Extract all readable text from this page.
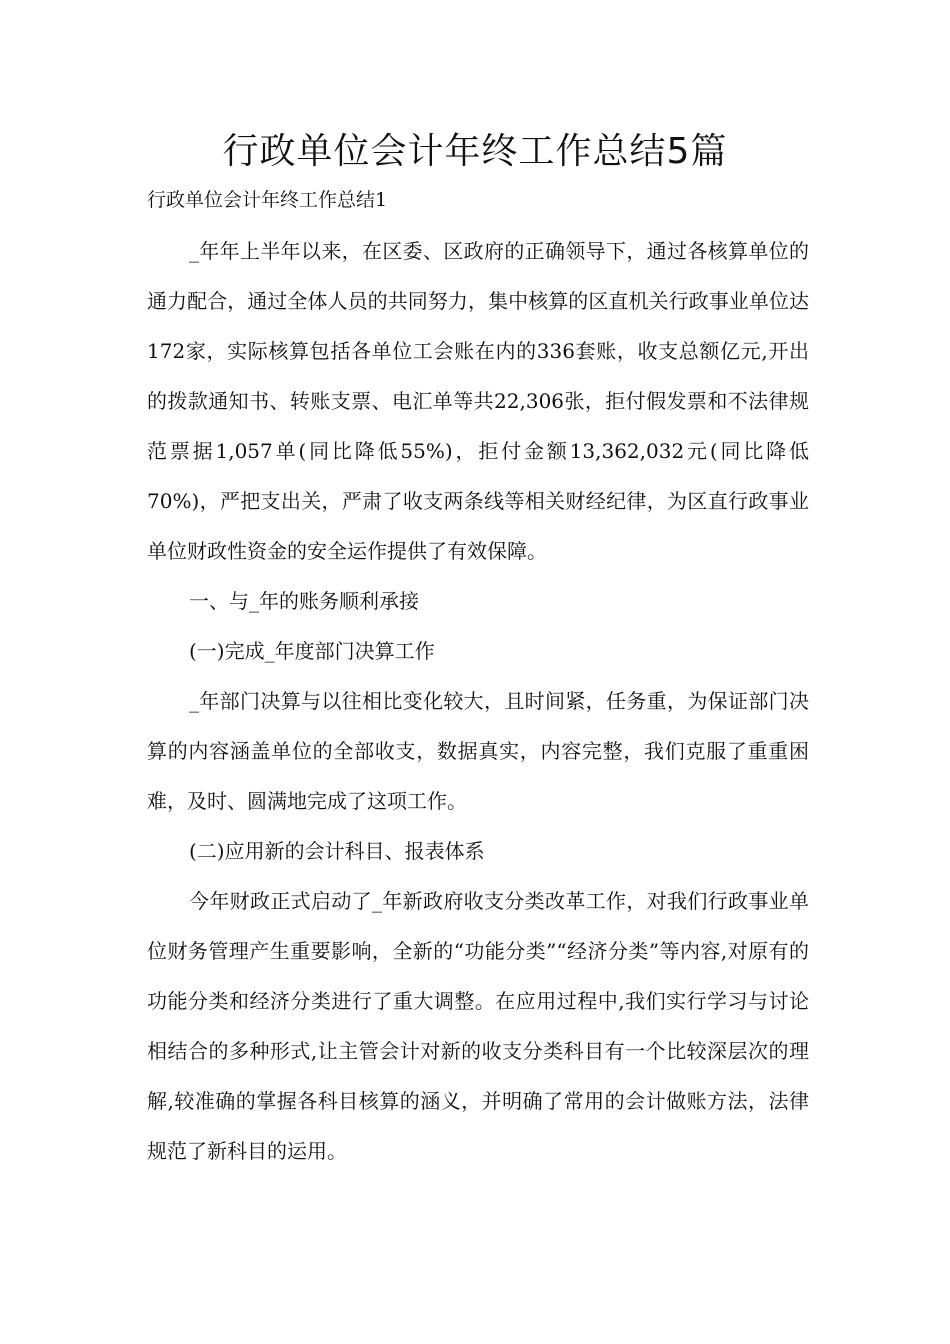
行政单位会计年终工作总结5篇
行政单位会计年终工作总结1

_年年上半年以来，在区委、区政府的正确领导下，通过各核算单位的通力配合，通过全体人员的共同努力，集中核算的区直机关行政事业单位达172家，实际核算包括各单位工会账在内的336套账，收支总额亿元,开出的拨款通知书、转账支票、电汇单等共22,306张，拒付假发票和不法律规范票据1,057单(同比降低55%)，拒付金额13,362,032元(同比降低70%)，严把支出关，严肃了收支两条线等相关财经纪律，为区直行政事业单位财政性资金的安全运作提供了有效保障。

一、与_年的账务顺利承接

(一)完成_年度部门决算工作

_年部门决算与以往相比变化较大，且时间紧，任务重，为保证部门决算的内容涵盖单位的全部收支，数据真实，内容完整，我们克服了重重困难，及时、圆满地完成了这项工作。

(二)应用新的会计科目、报表体系

今年财政正式启动了_年新政府收支分类改革工作，对我们行政事业单位财务管理产生重要影响，全新的“功能分类”“经济分类”等内容,对原有的功能分类和经济分类进行了重大调整。在应用过程中,我们实行学习与讨论相结合的多种形式,让主管会计对新的收支分类科目有一个比较深层次的理解,较准确的掌握各科目核算的涵义，并明确了常用的会计做账方法，法律规范了新科目的运用。
